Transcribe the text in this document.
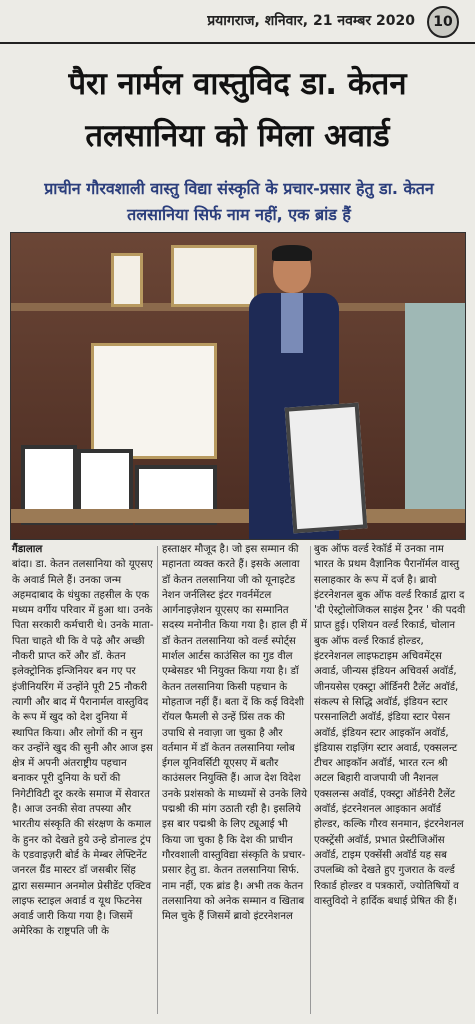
प्रयागराज, शनिवार, 21 नवम्बर 2020	10
पैरा नार्मल वास्तुविद डा. केतन
तलसानिया को मिला अवार्ड
प्राचीन गौरवशाली वास्तु विद्या संस्कृति के प्रचार-प्रसार हेतु डा. केतन तलसानिया सिर्फ नाम नहीं, एक ब्रांड हैं
गैंडालाल
बांदा। डा. केतन तलसानिया को यूएसए के अवार्ड मिले हैं। उनका जन्म अहमदाबाद के धंधुका तहसील के एक मध्यम वर्गीय परिवार में हुआ था। उनके पिता सरकारी कर्मचारी थे। उनके माता-पिता चाहते थी कि वे पढ़े और अच्छी नौकरी प्राप्त करें और डॉ. केतन इलेक्ट्रोनिक इन्जिनियर बन गए पर इंजीनियरिंग में उन्होंने पूरी 25 नौकरी त्यागी और बाद में पैरानार्मल वास्तुविद के रूप में खुद को देश दुनिया में स्थापित किया। और लोगों की न सुन कर उन्होंने खुद की सुनी और आज इस क्षेत्र में अपनी अंतराष्ट्रीय पहचान बनाकर पूरी दुनिया के घरों की निगेटीविटी दूर करके समाज में सेवारत है। आज उनकी सेवा तपस्या और भारतीय संस्कृति की संरक्षण के कमाल के हुनर को देखते हुये उन्हे डोनाल्ड ट्रंप के एडवाइज़री बोर्ड के मेम्बर लेफ्टिनेंट जनरल ग्रैंड मास्टर डॉ जसबीर सिंह द्वारा ससम्मान अनमोल प्रेसीडेंट एक्टिव लाइफ स्टाइल अवार्ड व यूथ फिटनेस अवार्ड जारी किया गया है। जिसमें अमेरिका के राष्ट्रपति जी के
हस्ताक्षर मौजूद है। जो इस सम्मान की महानता व्यक्त करते हैं। इसके अलावा डॉ केतन तलसानिया जी को यूनाइटेड नेशन जर्नलिस्ट इंटर गवर्नमेंटल आर्गनाइज़ेशन यूएसए का सम्मानित सदस्य मनोनीत किया गया है। हाल ही में डॉ केतन तलसानिया को वर्ल्ड स्पोर्ट्स मार्शल आर्टस काउंसिल का गुड वील एम्बेसडर भी नियुक्त किया गया है। डॉ केतन तलसानिया किसी पहचान के मोहताज नहीं हैं। बता दें कि कई विदेशी रॉयल फैमली से उन्हें प्रिंस तक की उपाधि से नवाज़ा जा चुका है और वर्तमान में डॉ केतन तलसानिया ग्लोब ईगल यूनिवर्सिटी यूएसए में बतौर काउंसलर नियुक्ति हैं। आज देश विदेश उनके प्रशंसको के माध्यमों से उनके लिये पद्मश्री की मांग उठाती रही है। इसलिये इस बार पद्मश्री के लिए ट्यूआई भी किया जा चुका है कि देश की प्राचीन गौरवशाली वास्तुविद्या संस्कृति के प्रचार-प्रसार हेतु डा. केतन तलसानिया सिर्फ. नाम नहीं, एक ब्रांड है। अभी तक केतन तलसानिया को अनेक सम्मान व खिताब मिल चुके हैं जिसमें ब्रावो इंटरनेशनल
बुक ऑफ वर्ल्ड रेकॉर्ड में उनका नाम भारत के प्रथम वैज्ञानिक पैरानॉर्मल वास्तु सलाहकार के रूप में दर्ज है। ब्रावो इंटरनेशनल बुक ऑफ वर्ल्ड रिकार्ड द्वारा द 'दी ऐस्ट्रोलोजिकल साइंस ट्रैनर ' की पदवी प्राप्त हुई। एशियन वर्ल्ड रिकार्ड, चोलान बुक ऑफ वर्ल्ड रिकार्ड होल्डर, इंटरनेशनल लाइफटाइम अचिवमेंट्स अवार्ड, जीन्यस इंडियन अचिवर्स अवॉर्ड, जीनयसेस एक्स्ट्रा ऑर्डिनरी टैलेंट अवॉर्ड, संकल्प से सिद्धि अवॉर्ड, इंडियन स्टार परसनालिटी अवॉर्ड, इंडिया स्टार पेसन अवॉर्ड, इंडियन स्टार आइकॉन अवॉर्ड, इंडियास राइज़िंग स्टार अवार्ड, एक्सलन्ट टीचर आइकॉन अवॉर्ड, भारत रत्न श्री अटल बिहारी वाजपायी जी नैशनल एक्सलन्स अवॉर्ड, एक्स्ट्रा ऑर्डनेरी टैलेंट अवॉर्ड, इंटरनेशनल आइकान अवॉर्ड होल्डर, कल्कि गौरव सनमान, इंटरनेशनल एक्स्ट्रेंसी अवॉर्ड, प्रभात प्रेस्टीजिऑस अवॉर्ड, टाइम एक्सेंसी अवॉर्ड यह सब उपलब्धि को देखते हुए गुजरात के वर्ल्ड रिकार्ड होल्डर व पत्रकारों, ज्योतिषियों व वास्तुविदो ने हार्दिक बधाई प्रेषित की हैं।
